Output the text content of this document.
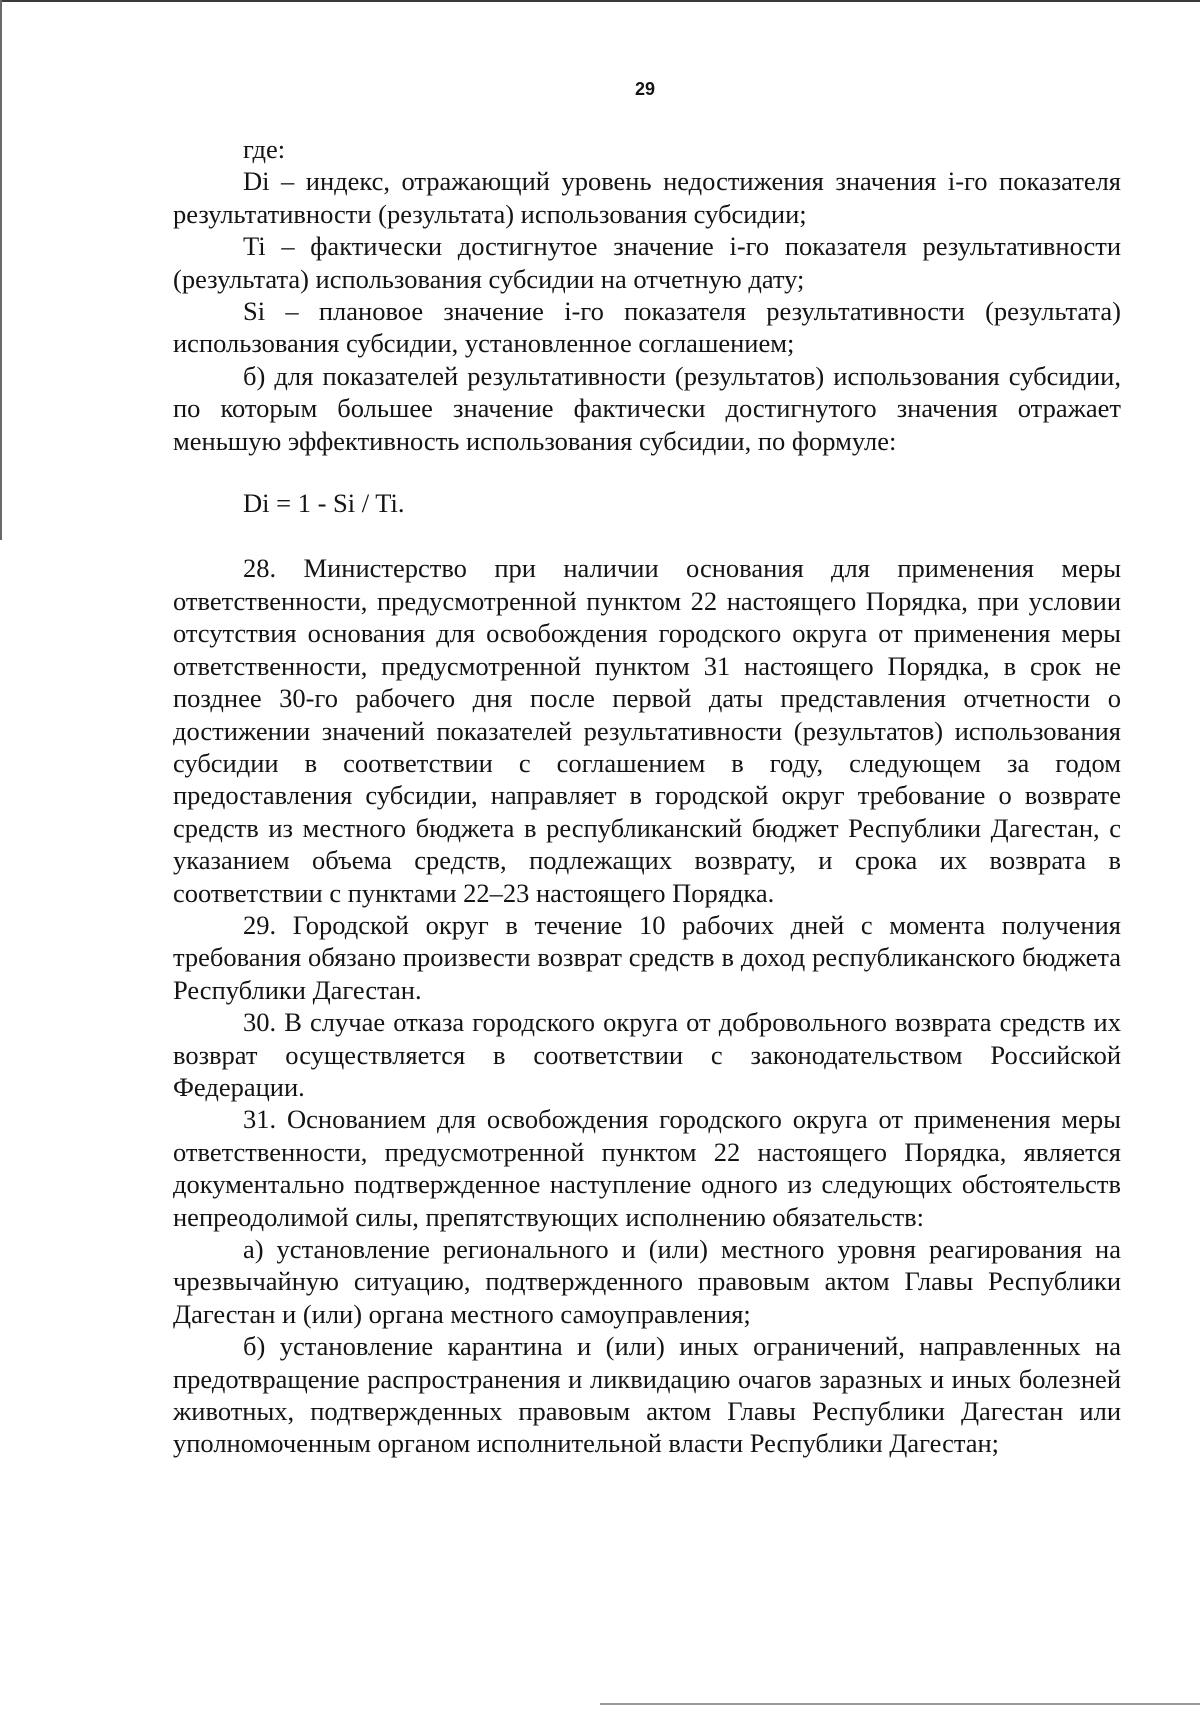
29

где:

Di – индекс, отражающий уровень недостижения значения i-го показателя результативности (результата) использования субсидии;

Ti – фактически достигнутое значение i-го показателя результативности (результата) использования субсидии на отчетную дату;

Si – плановое значение i-го показателя результативности (результата) использования субсидии, установленное соглашением;

б) для показателей результативности (результатов) использования субсидии, по которым большее значение фактически достигнутого значения отражает меньшую эффективность использования субсидии, по формуле:

Di = 1 - Si / Ti.

28. Министерство при наличии основания для применения меры ответственности, предусмотренной пунктом 22 настоящего Порядка, при условии отсутствия основания для освобождения городского округа от применения меры ответственности, предусмотренной пунктом 31 настоящего Порядка, в срок не позднее 30-го рабочего дня после первой даты представления отчетности о достижении значений показателей результативности (результатов) использования субсидии в соответствии с соглашением в году, следующем за годом предоставления субсидии, направляет в городской округ требование о возврате средств из местного бюджета в республиканский бюджет Республики Дагестан, с указанием объема средств, подлежащих возврату, и срока их возврата в соответствии с пунктами 22–23 настоящего Порядка.

29. Городской округ в течение 10 рабочих дней с момента получения требования обязано произвести возврат средств в доход республиканского бюджета Республики Дагестан.

30. В случае отказа городского округа от добровольного возврата средств их возврат осуществляется в соответствии с законодательством Российской Федерации.

31. Основанием для освобождения городского округа от применения меры ответственности, предусмотренной пунктом 22 настоящего Порядка, является документально подтвержденное наступление одного из следующих обстоятельств непреодолимой силы, препятствующих исполнению обязательств:

а) установление регионального и (или) местного уровня реагирования на чрезвычайную ситуацию, подтвержденного правовым актом Главы Республики Дагестан и (или) органа местного самоуправления;

б) установление карантина и (или) иных ограничений, направленных на предотвращение распространения и ликвидацию очагов заразных и иных болезней животных, подтвержденных правовым актом Главы Республики Дагестан или уполномоченным органом исполнительной власти Республики Дагестан;
